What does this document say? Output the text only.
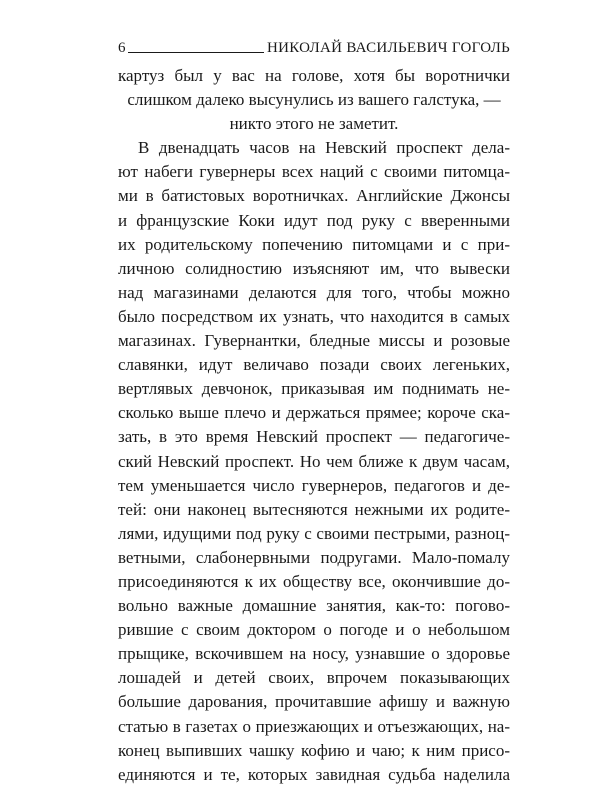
6	НИКОЛАЙ ВАСИЛЬЕВИЧ ГОГОЛЬ
картуз был у вас на голове, хотя бы воротнички
слишком далеко высунулись из вашего галстука, —
никто этого не заметит.
В двенадцать часов на Невский проспект дела-
ют набеги гувернеры всех наций с своими питомца-
ми в батистовых воротничках. Английские Джонсы
и французские Коки идут под руку с вверенными
их родительскому попечению питомцами и с при-
личною солидностию изъясняют им, что вывески
над магазинами делаются для того, чтобы можно
было посредством их узнать, что находится в самых
магазинах. Гувернантки, бледные миссы и розовые
славянки, идут величаво позади своих легеньких,
вертлявых девчонок, приказывая им поднимать не-
сколько выше плечо и держаться прямее; короче ска-
зать, в это время Невский проспект — педагогиче-
ский Невский проспект. Но чем ближе к двум часам,
тем уменьшается число гувернеров, педагогов и де-
тей: они наконец вытесняются нежными их родите-
лями, идущими под руку с своими пестрыми, разноц-
ветными, слабонервными подругами. Мало-помалу
присоединяются к их обществу все, окончившие до-
вольно важные домашние занятия, как-то: погово-
рившие с своим доктором о погоде и о небольшом
прыщике, вскочившем на носу, узнавшие о здоровье
лошадей и детей своих, впрочем показывающих
большие дарования, прочитавшие афишу и важную
статью в газетах о приезжающих и отъезжающих, на-
конец выпивших чашку кофию и чаю; к ним присо-
единяются и те, которых завидная судьба наделила
